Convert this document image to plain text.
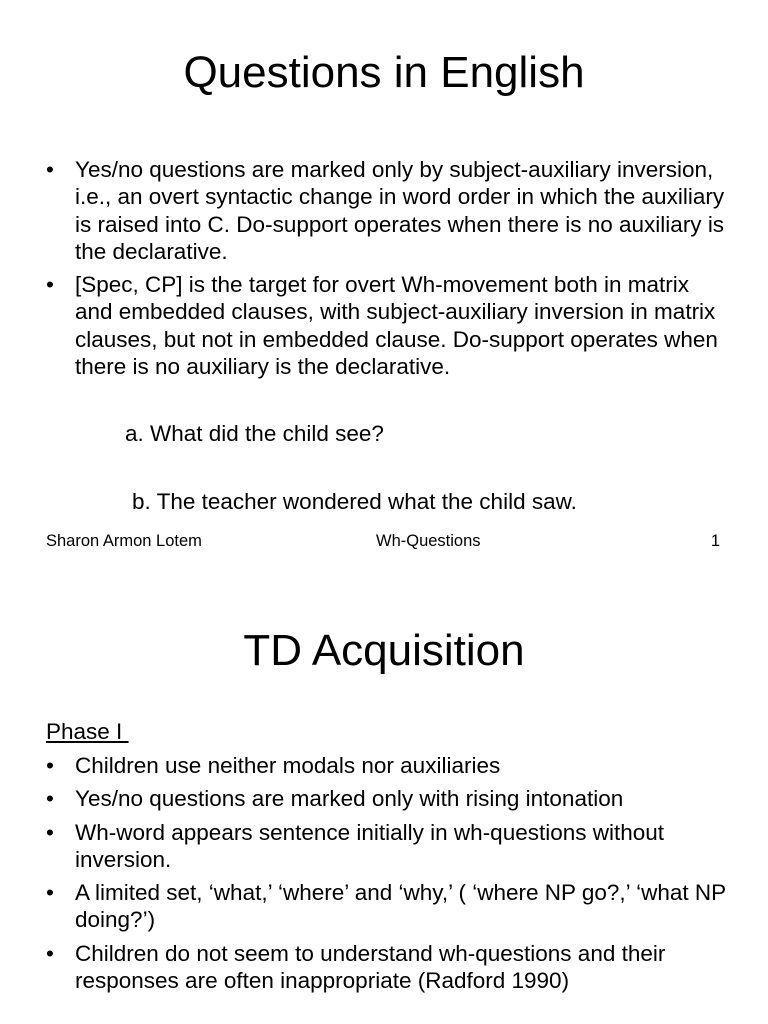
Questions in English
• Yes/no questions are marked only by subject-auxiliary inversion, i.e., an overt syntactic change in word order in which the auxiliary is raised into C. Do-support operates when there is no auxiliary is the declarative.
• [Spec, CP] is the target for overt Wh-movement both in matrix and embedded clauses, with subject-auxiliary inversion in matrix clauses, but not in embedded clause. Do-support operates when there is no auxiliary is the declarative.
a. What did the child see?
b. The teacher wondered what the child saw.
Sharon Armon Lotem	Wh-Questions	1
TD Acquisition
Phase I
• Children use neither modals nor auxiliaries
• Yes/no questions are marked only with rising intonation
• Wh-word appears sentence initially in wh-questions without inversion.
• A limited set, ‘what,’ ‘where’ and ‘why,’ ( ‘where NP go?,’ ‘what NP doing?’)
• Children do not seem to understand wh-questions and their responses are often inappropriate (Radford 1990)
